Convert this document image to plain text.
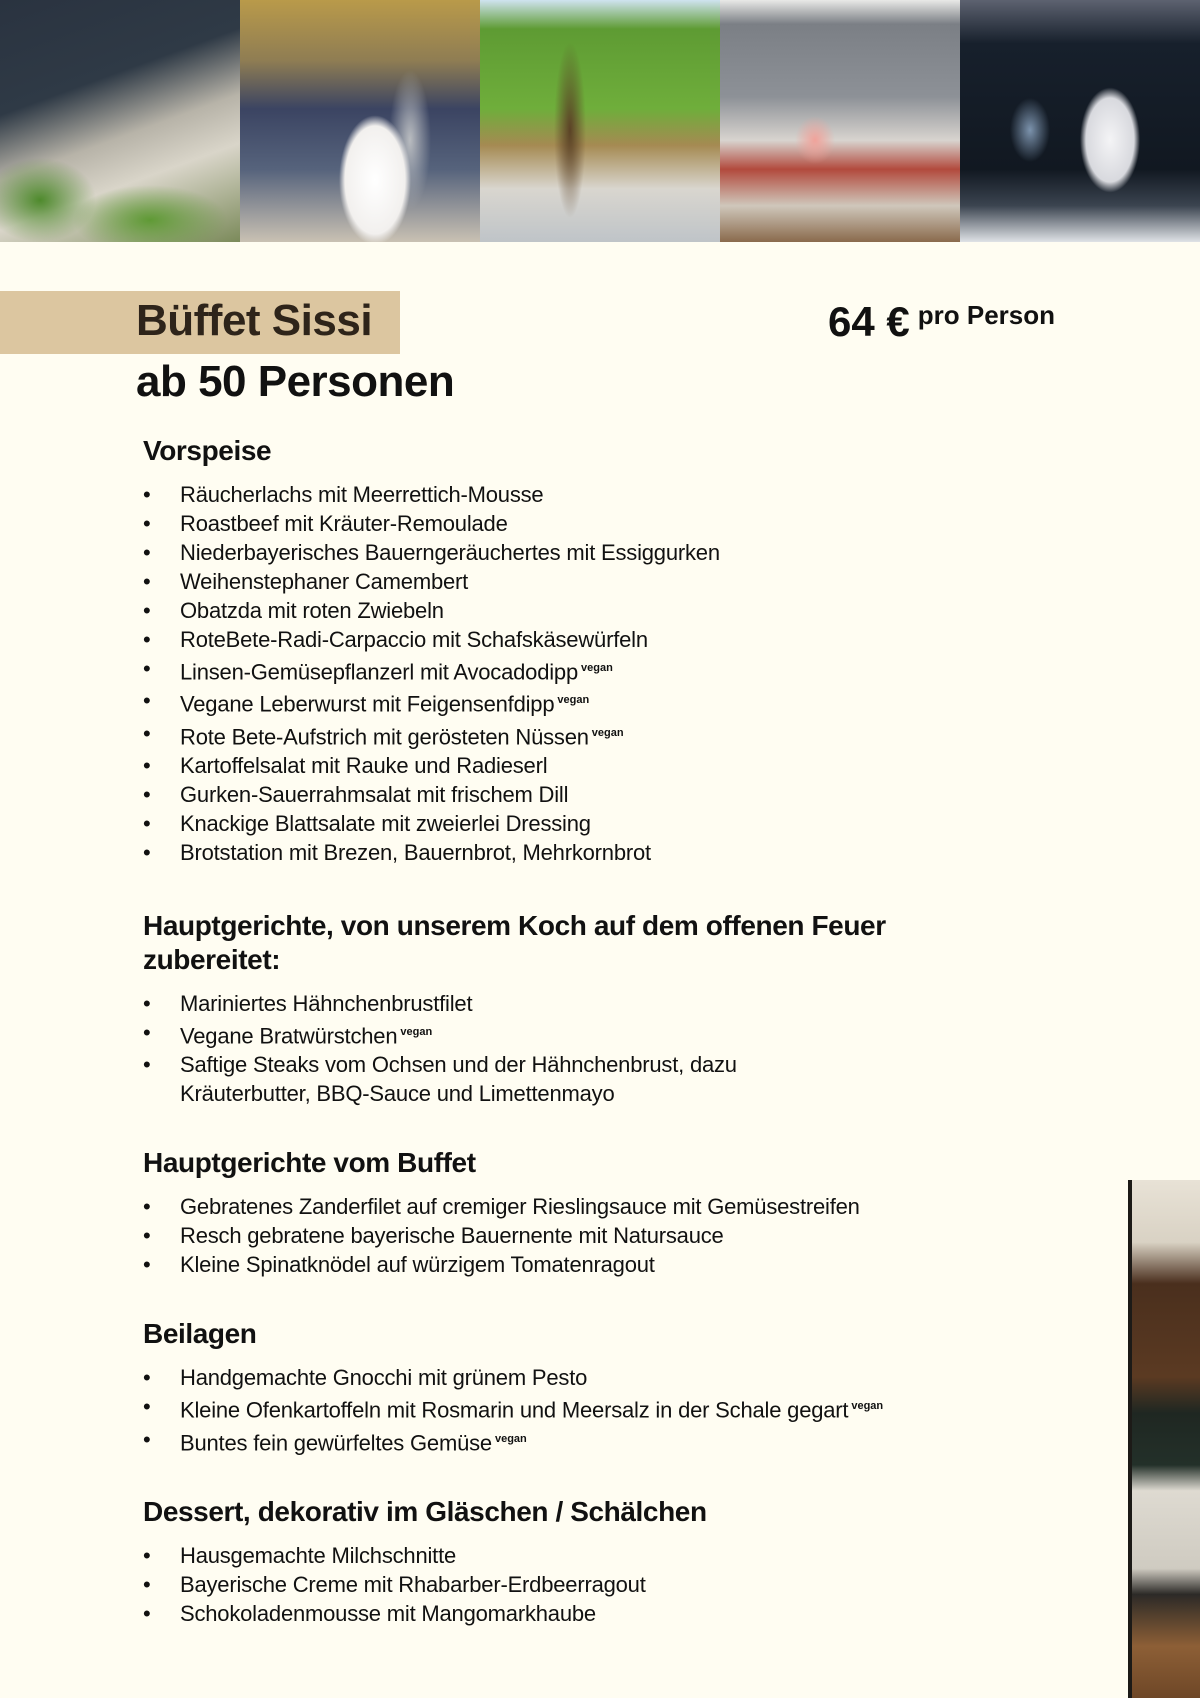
Büffet Sissi
ab 50 Personen
64 € pro Person
Vorspeise
•	Räucherlachs mit Meerrettich-Mousse
•	Roastbeef mit Kräuter-Remoulade
•	Niederbayerisches Bauerngeräuchertes mit Essiggurken
•	Weihenstephaner Camembert
•	Obatzda mit roten Zwiebeln
•	RoteBete-Radi-Carpaccio mit Schafskäsewürfeln
•	Linsen-Gemüsepflanzerl mit Avocadodipp $^{vegan}$
•	Vegane Leberwurst mit Feigensenfdipp $^{vegan}$
•	Rote Bete-Aufstrich mit gerösteten Nüssen $^{vegan}$
•	Kartoffelsalat mit Rauke und Radieserl
•	Gurken-Sauerrahmsalat mit frischem Dill
•	Knackige Blattsalate mit zweierlei Dressing
•	Brotstation mit Brezen, Bauernbrot, Mehrkornbrot
Hauptgerichte, von unserem Koch auf dem offenen Feuer zubereitet:
•	Mariniertes Hähnchenbrustfilet
•	Vegane Bratwürstchen $^{vegan}$
•	Saftige Steaks vom Ochsen und der Hähnchenbrust, dazu Kräuterbutter, BBQ-Sauce und Limettenmayo
Hauptgerichte vom Buffet
•	Gebratenes Zanderfilet auf cremiger Rieslingsauce mit Gemüsestreifen
•	Resch gebratene bayerische Bauernente mit Natursauce
•	Kleine Spinatknödel auf würzigem Tomatenragout
Beilagen
•	Handgemachte Gnocchi mit grünem Pesto
•	Kleine Ofenkartoffeln mit Rosmarin und Meersalz in der Schale gegart $^{vegan}$
•	Buntes fein gewürfeltes Gemüse $^{vegan}$
Dessert, dekorativ im Gläschen / Schälchen
•	Hausgemachte Milchschnitte
•	Bayerische Creme mit Rhabarber-Erdbeerragout
•	Schokoladenmousse mit Mangomarkhaube
